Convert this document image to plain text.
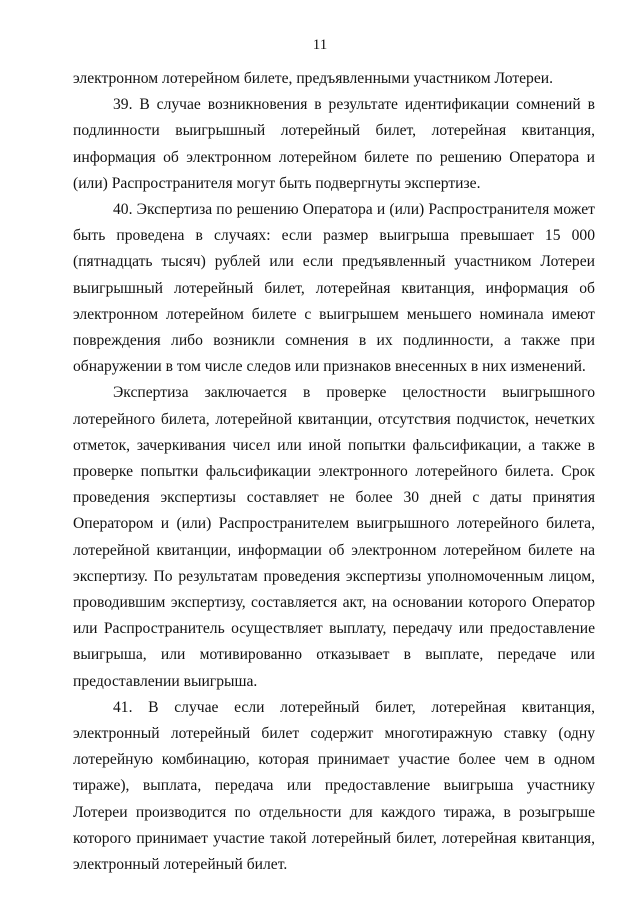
11

электронном лотерейном билете, предъявленными участником Лотереи.

39. В случае возникновения в результате идентификации сомнений в подлинности выигрышный лотерейный билет, лотерейная квитанция, информация об электронном лотерейном билете по решению Оператора и (или) Распространителя могут быть подвергнуты экспертизе.

40. Экспертиза по решению Оператора и (или) Распространителя может быть проведена в случаях: если размер выигрыша превышает 15 000 (пятнадцать тысяч) рублей или если предъявленный участником Лотереи выигрышный лотерейный билет, лотерейная квитанция, информация об электронном лотерейном билете с выигрышем меньшего номинала имеют повреждения либо возникли сомнения в их подлинности, а также при обнаружении в том числе следов или признаков внесенных в них изменений.

Экспертиза заключается в проверке целостности выигрышного лотерейного билета, лотерейной квитанции, отсутствия подчисток, нечетких отметок, зачеркивания чисел или иной попытки фальсификации, а также в проверке попытки фальсификации электронного лотерейного билета. Срок проведения экспертизы составляет не более 30 дней с даты принятия Оператором и (или) Распространителем выигрышного лотерейного билета, лотерейной квитанции, информации об электронном лотерейном билете на экспертизу. По результатам проведения экспертизы уполномоченным лицом, проводившим экспертизу, составляется акт, на основании которого Оператор или Распространитель осуществляет выплату, передачу или предоставление выигрыша, или мотивированно отказывает в выплате, передаче или предоставлении выигрыша.

41. В случае если лотерейный билет, лотерейная квитанция, электронный лотерейный билет содержит многотиражную ставку (одну лотерейную комбинацию, которая принимает участие более чем в одном тираже), выплата, передача или предоставление выигрыша участнику Лотереи производится по отдельности для каждого тиража, в розыгрыше которого принимает участие такой лотерейный билет, лотерейная квитанция, электронный лотерейный билет.
